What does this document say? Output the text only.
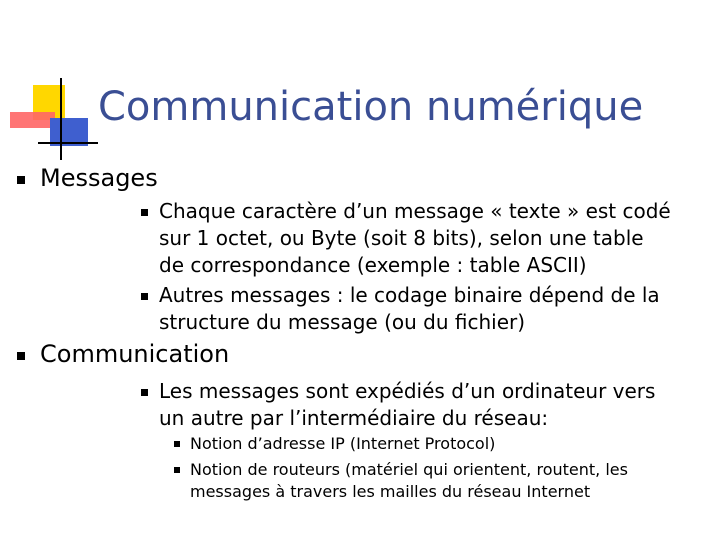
Communication numérique
Messages
Chaque caractère d’un message « texte » est codé
sur 1 octet, ou Byte (soit 8 bits), selon une table
de correspondance (exemple : table ASCII)
Autres messages : le codage binaire dépend de la
structure du message (ou du fichier)
Communication
Les messages sont expédiés d’un ordinateur vers
un autre par l’intermédiaire du réseau:
Notion d’adresse IP (Internet Protocol)
Notion de routeurs (matériel qui orientent, routent, les
messages à travers les mailles du réseau Internet
